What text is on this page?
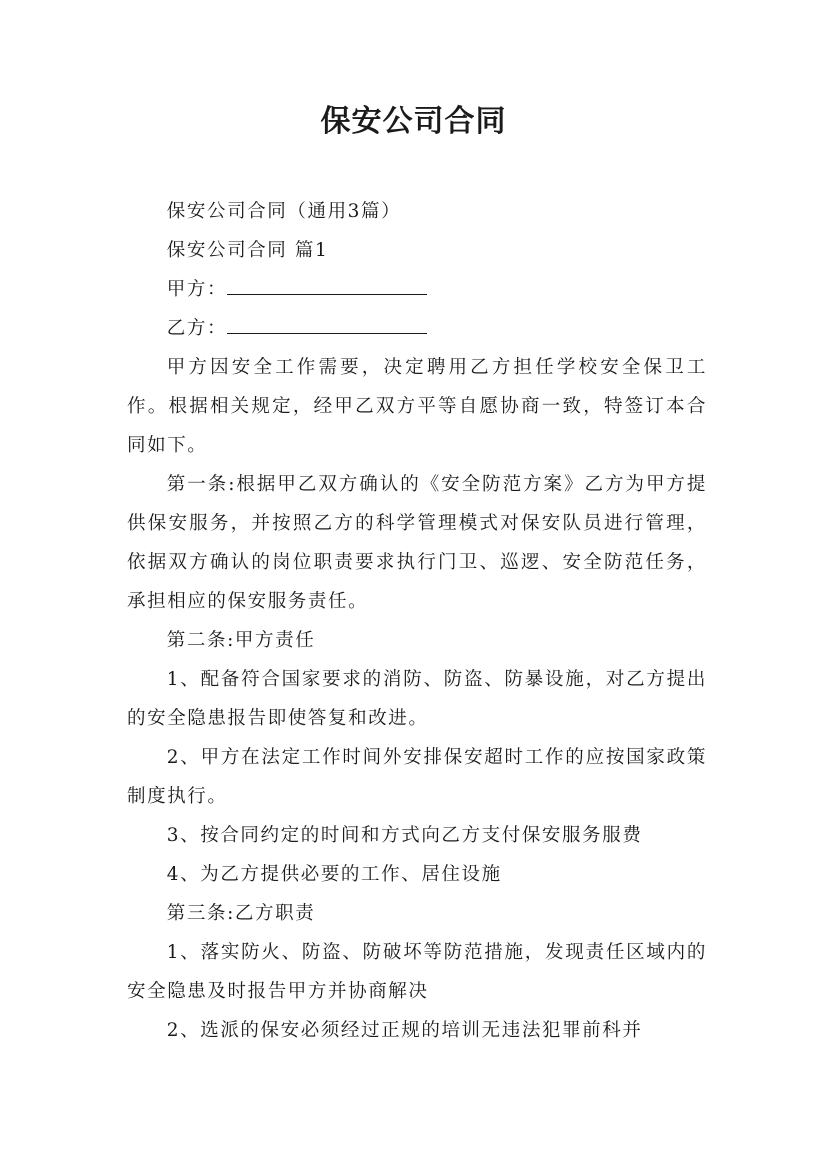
保安公司合同

保安公司合同（通用3篇）

保安公司合同 篇1

甲方：

乙方：

甲方因安全工作需要，决定聘用乙方担任学校安全保卫工作。根据相关规定，经甲乙双方平等自愿协商一致，特签订本合同如下。

第一条:根据甲乙双方确认的《安全防范方案》乙方为甲方提供保安服务，并按照乙方的科学管理模式对保安队员进行管理，依据双方确认的岗位职责要求执行门卫、巡逻、安全防范任务，承担相应的保安服务责任。

第二条:甲方责任

1、配备符合国家要求的消防、防盗、防暴设施，对乙方提出的安全隐患报告即使答复和改进。

2、甲方在法定工作时间外安排保安超时工作的应按国家政策制度执行。

3、按合同约定的时间和方式向乙方支付保安服务服费

4、为乙方提供必要的工作、居住设施

第三条:乙方职责

1、落实防火、防盗、防破坏等防范措施，发现责任区域内的安全隐患及时报告甲方并协商解决

2、选派的保安必须经过正规的培训无违法犯罪前科并
